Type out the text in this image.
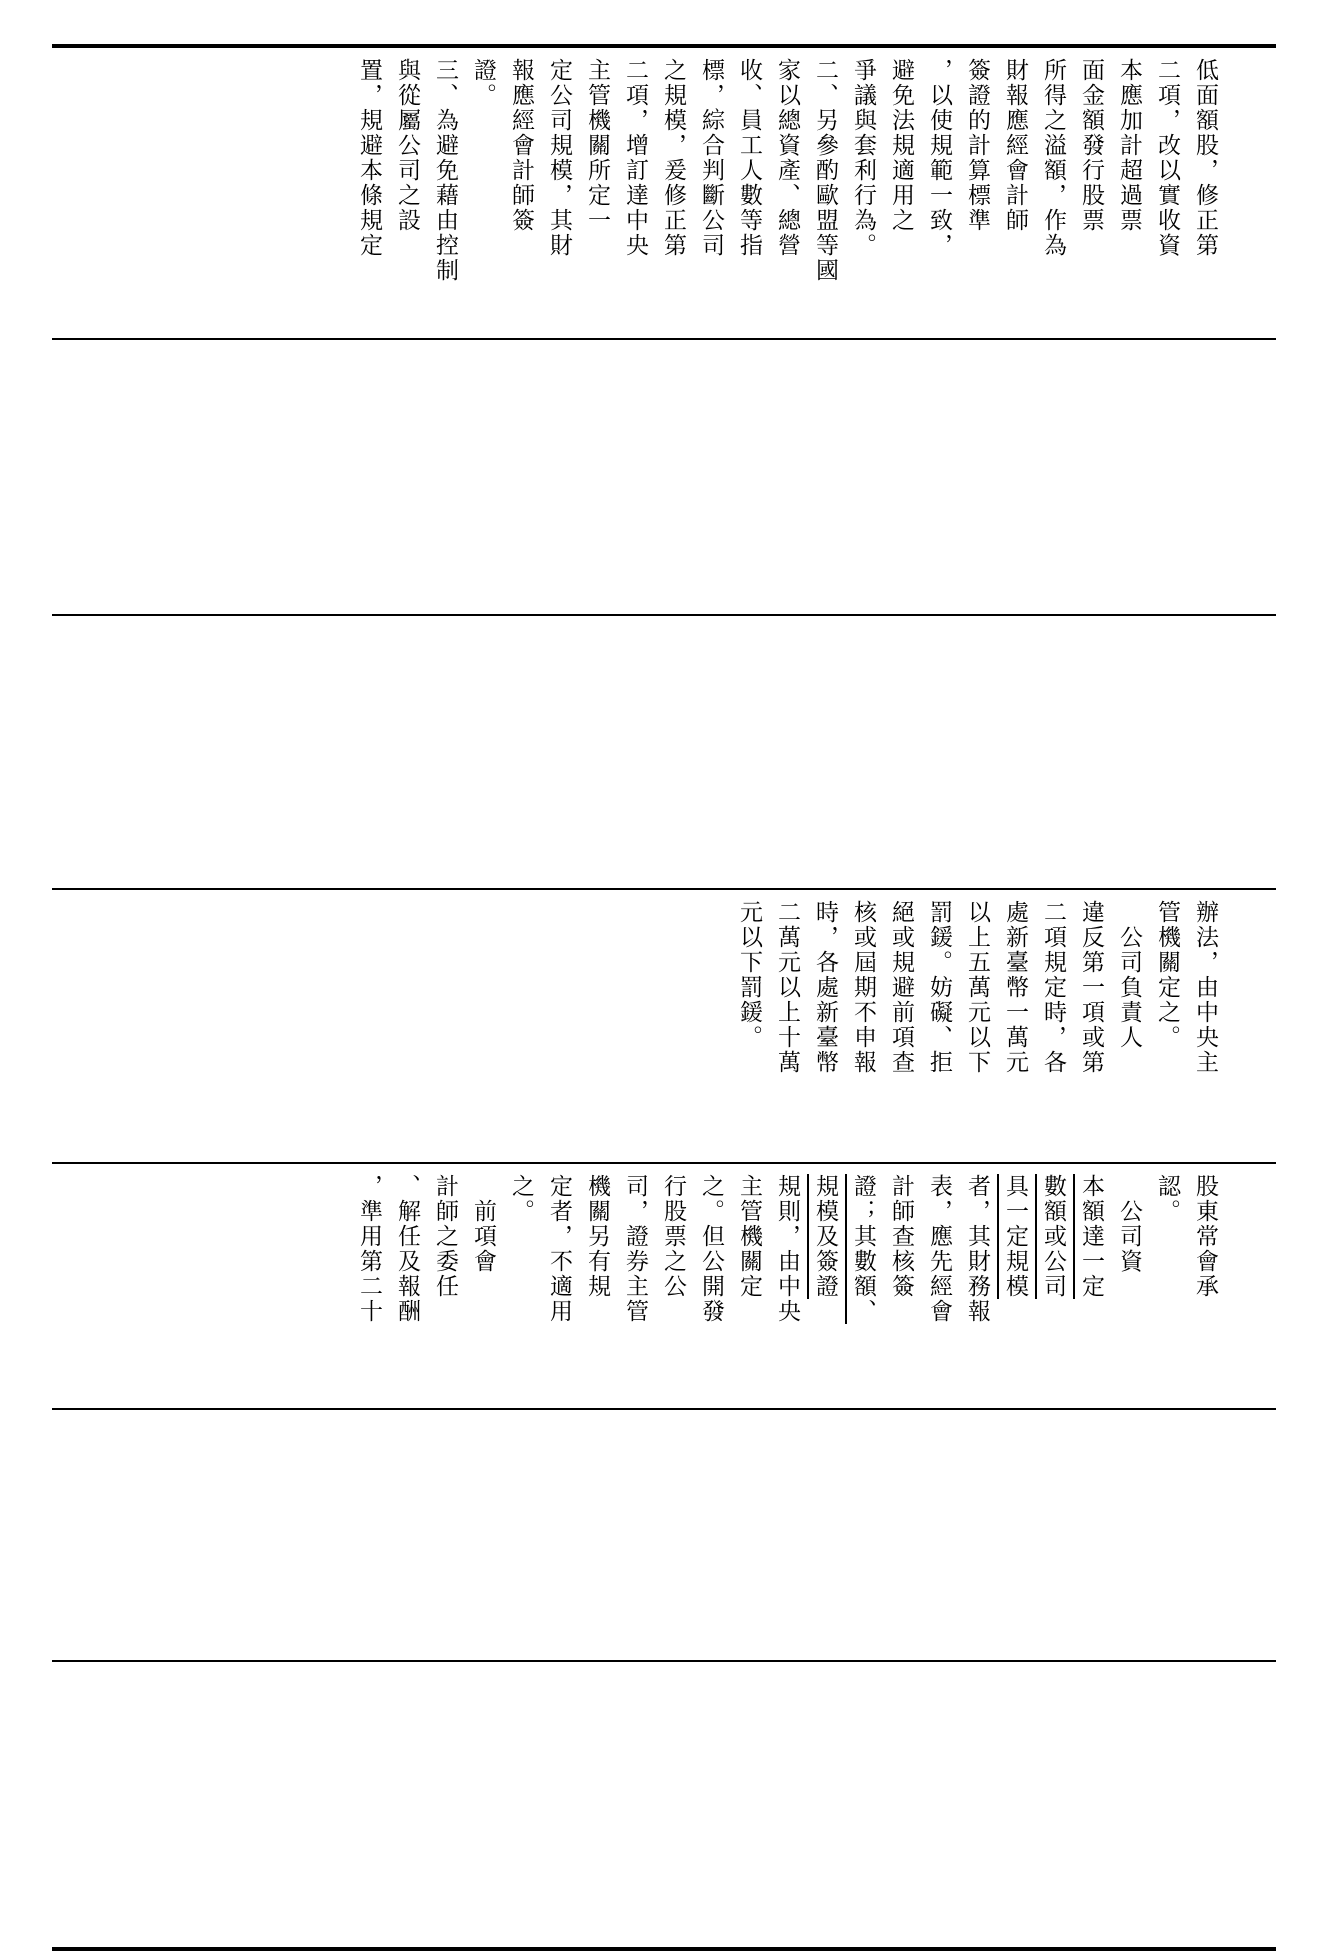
低面額股，修正第
二項，改以實收資
本應加計超過票
面金額發行股票
所得之溢額，作為
財報應經會計師
簽證的計算標準
，以使規範一致，
避免法規適用之
爭議與套利行為。
二、另參酌歐盟等國
家以總資產、總營
收、員工人數等指
標，綜合判斷公司
之規模，爰修正第
二項，增訂達中央
主管機關所定一
定公司規模，其財
報應經會計師簽
證。
三、為避免藉由控制
與從屬公司之設
置，規避本條規定
辦法，由中央主
管機關定之。
　公司負責人
違反第一項或第
二項規定時，各
處新臺幣一萬元
以上五萬元以下
罰鍰。妨礙、拒
絕或規避前項查
核或屆期不申報
時，各處新臺幣
二萬元以上十萬
元以下罰鍰。
股東常會承
認。
　公司資
本額達一定
數額或公司
具一定規模
者，其財務報
表，應先經會
計師查核簽
證；其數額、
規模及簽證
規則，由中央
主管機關定
之。但公開發
行股票之公
司，證券主管
機關另有規
定者，不適用
之。
　前項會
計師之委任
、解任及報酬
，準用第二十
